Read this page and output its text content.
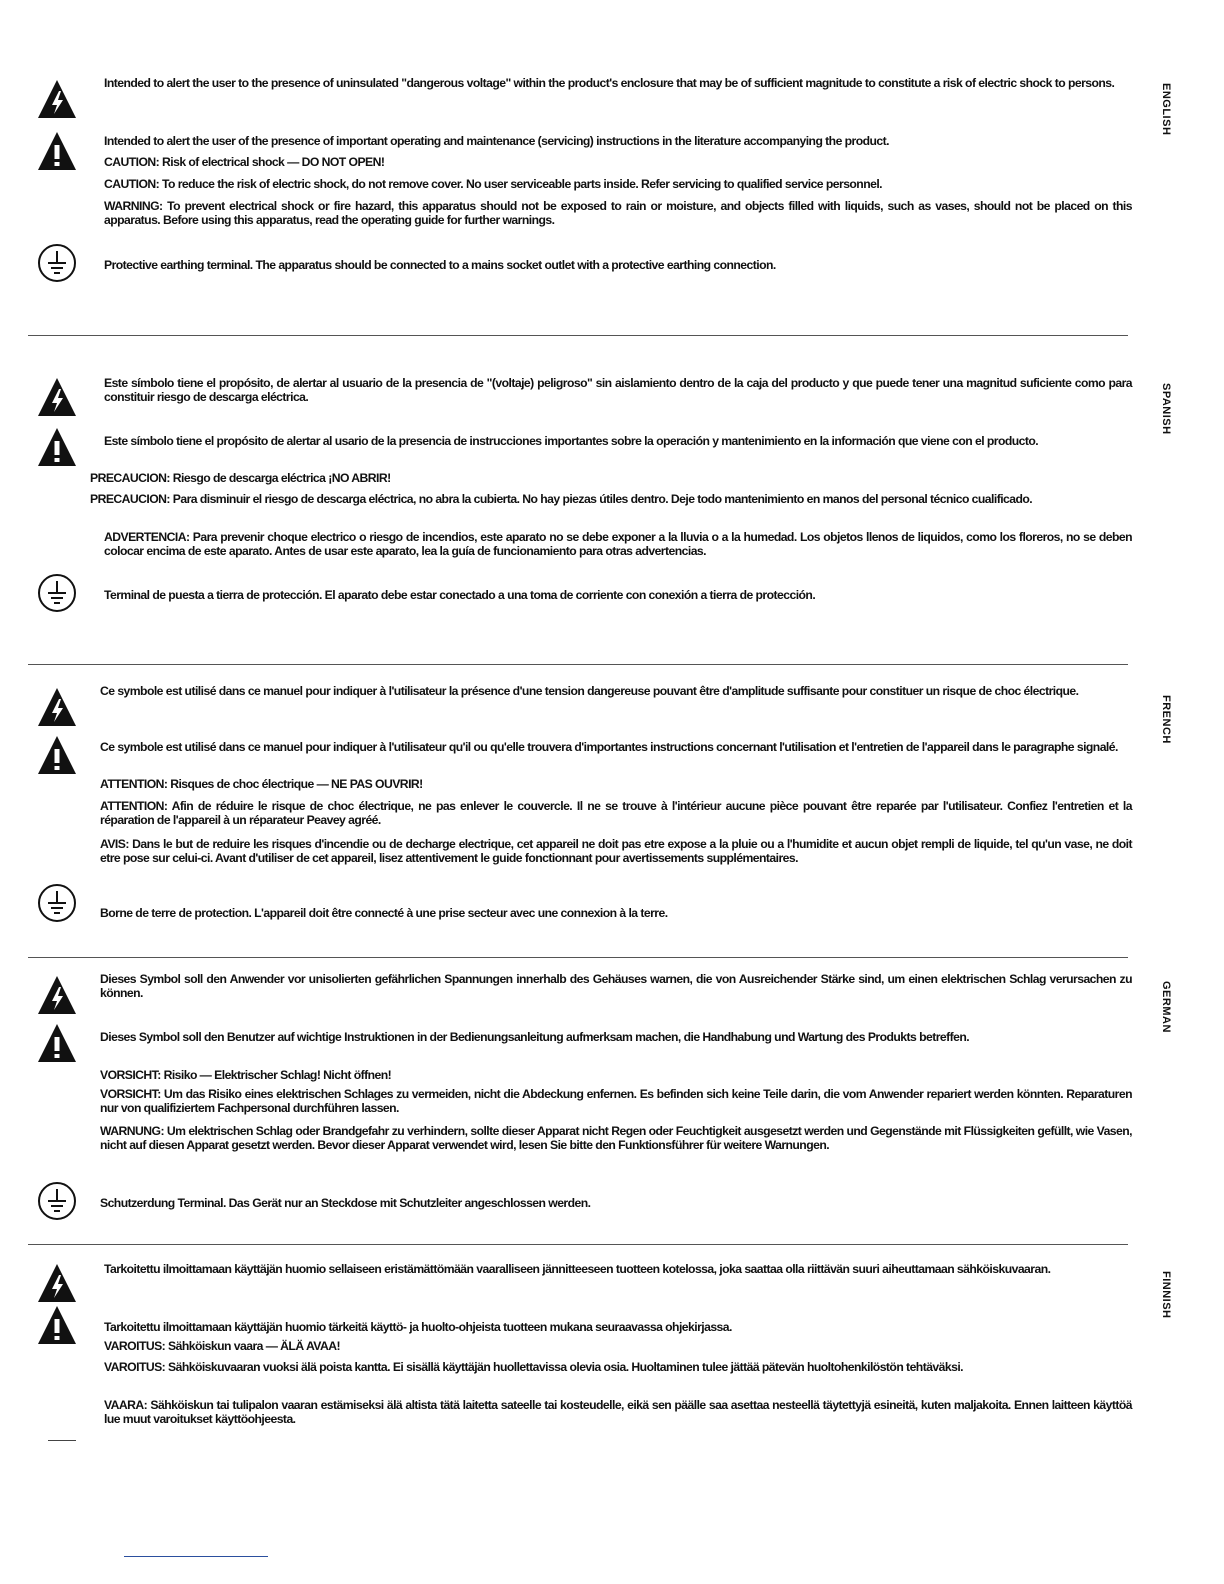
Intended to alert the user to the presence of uninsulated "dangerous voltage" within the product's enclosure that may be of sufficient magnitude to constitute a risk of electric shock to persons.
Intended to alert the user of the presence of important operating and maintenance (servicing) instructions in the literature accompanying the product.
CAUTION: Risk of electrical shock — DO NOT OPEN!
CAUTION: To reduce the risk of electric shock, do not remove cover. No user serviceable parts inside. Refer servicing to qualified service personnel.
WARNING: To prevent electrical shock or fire hazard, this apparatus should not be exposed to rain or moisture, and objects filled with liquids, such as vases, should not be placed on this apparatus. Before using this apparatus, read the operating guide for further warnings.
Protective earthing terminal. The apparatus should be connected to a mains socket outlet with a protective earthing connection.
ENGLISH
Este símbolo tiene el propósito, de alertar al usuario de la presencia de "(voltaje) peligroso" sin aislamiento dentro de la caja del producto y que puede tener una magnitud suficiente como para constituir riesgo de descarga eléctrica.
Este símbolo tiene el propósito de alertar al usario de la presencia de instrucciones importantes sobre la operación y mantenimiento en la información que viene con el producto.
PRECAUCION: Riesgo de descarga eléctrica ¡NO ABRIR!
PRECAUCION: Para disminuir el riesgo de descarga eléctrica, no abra la cubierta. No hay piezas útiles dentro. Deje todo mantenimiento en manos del personal técnico cualificado.
ADVERTENCIA: Para prevenir choque electrico o riesgo de incendios, este aparato no se debe exponer a la lluvia o a la humedad. Los objetos llenos de liquidos, como los floreros, no se deben colocar encima de este aparato. Antes de usar este aparato, lea la guía de funcionamiento para otras advertencias.
Terminal de puesta a tierra de protección. El aparato debe estar conectado a una toma de corriente con conexión a tierra de protección.
SPANISH
Ce symbole est utilisé dans ce manuel pour indiquer à l'utilisateur la présence d'une tension dangereuse pouvant être d'amplitude suffisante pour constituer un risque de choc électrique.
Ce symbole est utilisé dans ce manuel pour indiquer à l'utilisateur qu'il ou qu'elle trouvera d'importantes instructions concernant l'utilisation et l'entretien de l'appareil dans le paragraphe signalé.
ATTENTION: Risques de choc électrique — NE PAS OUVRIR!
ATTENTION: Afin de réduire le risque de choc électrique, ne pas enlever le couvercle. Il ne se trouve à l'intérieur aucune pièce pouvant être reparée par l'utilisateur. Confiez l'entretien et la réparation de l'appareil à un réparateur Peavey agréé.
AVIS: Dans le but de reduire les risques d'incendie ou de decharge electrique, cet appareil ne doit pas etre expose a la pluie ou a l'humidite et aucun objet rempli de liquide, tel qu'un vase, ne doit etre pose sur celui-ci. Avant d'utiliser de cet appareil, lisez attentivement le guide fonctionnant pour avertissements supplémentaires.
Borne de terre de protection. L'appareil doit être connecté à une prise secteur avec une connexion à la terre.
FRENCH
Dieses Symbol soll den Anwender vor unisolierten gefährlichen Spannungen innerhalb des Gehäuses warnen, die von Ausreichender Stärke sind, um einen elektrischen Schlag verursachen zu können.
Dieses Symbol soll den Benutzer auf wichtige Instruktionen in der Bedienungsanleitung aufmerksam machen, die Handhabung und Wartung des Produkts betreffen.
VORSICHT: Risiko — Elektrischer Schlag! Nicht öffnen!
VORSICHT: Um das Risiko eines elektrischen Schlages zu vermeiden, nicht die Abdeckung enfernen. Es befinden sich keine Teile darin, die vom Anwender repariert werden könnten. Reparaturen nur von qualifiziertem Fachpersonal durchführen lassen.
WARNUNG: Um elektrischen Schlag oder Brandgefahr zu verhindern, sollte dieser Apparat nicht Regen oder Feuchtigkeit ausgesetzt werden und Gegenstände mit Flüssigkeiten gefüllt, wie Vasen, nicht auf diesen Apparat gesetzt werden. Bevor dieser Apparat verwendet wird, lesen Sie bitte den Funktionsführer für weitere Warnungen.
Schutzerdung Terminal. Das Gerät nur an Steckdose mit Schutzleiter angeschlossen werden.
GERMAN
Tarkoitettu ilmoittamaan käyttäjän huomio sellaiseen eristämättömään vaaralliseen jännitteeseen tuotteen kotelossa, joka saattaa olla riittävän suuri aiheuttamaan sähköiskuvaaran.
Tarkoitettu ilmoittamaan käyttäjän huomio tärkeitä käyttö- ja huolto-ohjeista tuotteen mukana seuraavassa ohjekirjassa.
VAROITUS: Sähköiskun vaara — ÄLÄ AVAA!
VAROITUS: Sähköiskuvaaran vuoksi älä poista kantta. Ei sisällä käyttäjän huollettavissa olevia osia. Huoltaminen tulee jättää pätevän huoltohenkilöstön tehtäväksi.
VAARA: Sähköiskun tai tulipalon vaaran estämiseksi älä altista tätä laitetta sateelle tai kosteudelle, eikä sen päälle saa asettaa nesteellä täytettyjä esineitä, kuten maljakoita. Ennen laitteen käyttöä lue muut varoitukset käyttöohjeesta.
FINNISH
